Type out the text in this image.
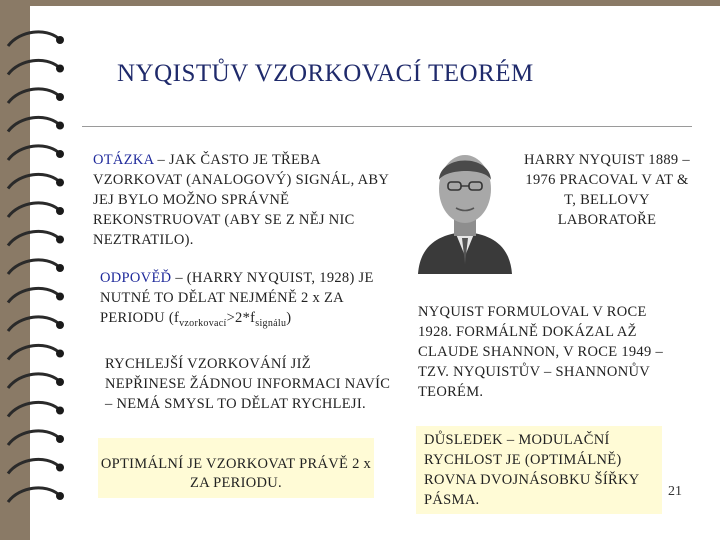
NYQISTŮV VZORKOVACÍ TEORÉM
OTÁZKA – JAK ČASTO JE TŘEBA VZORKOVAT (ANALOGOVÝ) SIGNÁL, ABY JEJ BYLO MOŽNO SPRÁVNĚ REKONSTRUOVAT (ABY SE Z NĚJ NIC NEZTRATILO).
ODPOVĚĎ – (HARRY NYQUIST, 1928) JE NUTNÉ TO DĚLAT NEJMÉNĚ 2 x ZA PERIODU $(f_{vzorkovací}>2*f_{signálu})$
RYCHLEJŠÍ VZORKOVÁNÍ JIŽ NEPŘINESE ŽÁDNOU INFORMACI NAVÍC – NEMÁ SMYSL TO DĚLAT RYCHLEJI.
OPTIMÁLNÍ JE VZORKOVAT PRÁVĚ 2 x ZA PERIODU.
HARRY NYQUIST 1889 – 1976 PRACOVAL V AT & T, BELLOVY LABORATOŘE
NYQUIST FORMULOVAL V ROCE 1928. FORMÁLNĚ DOKÁZAL AŽ CLAUDE SHANNON, V ROCE 1949 – TZV. NYQUISTŮV – SHANNONŮV TEORÉM.
DŮSLEDEK – MODULAČNÍ RYCHLOST JE (OPTIMÁLNĚ) ROVNA DVOJNÁSOBKU ŠÍŘKY PÁSMA.
21
